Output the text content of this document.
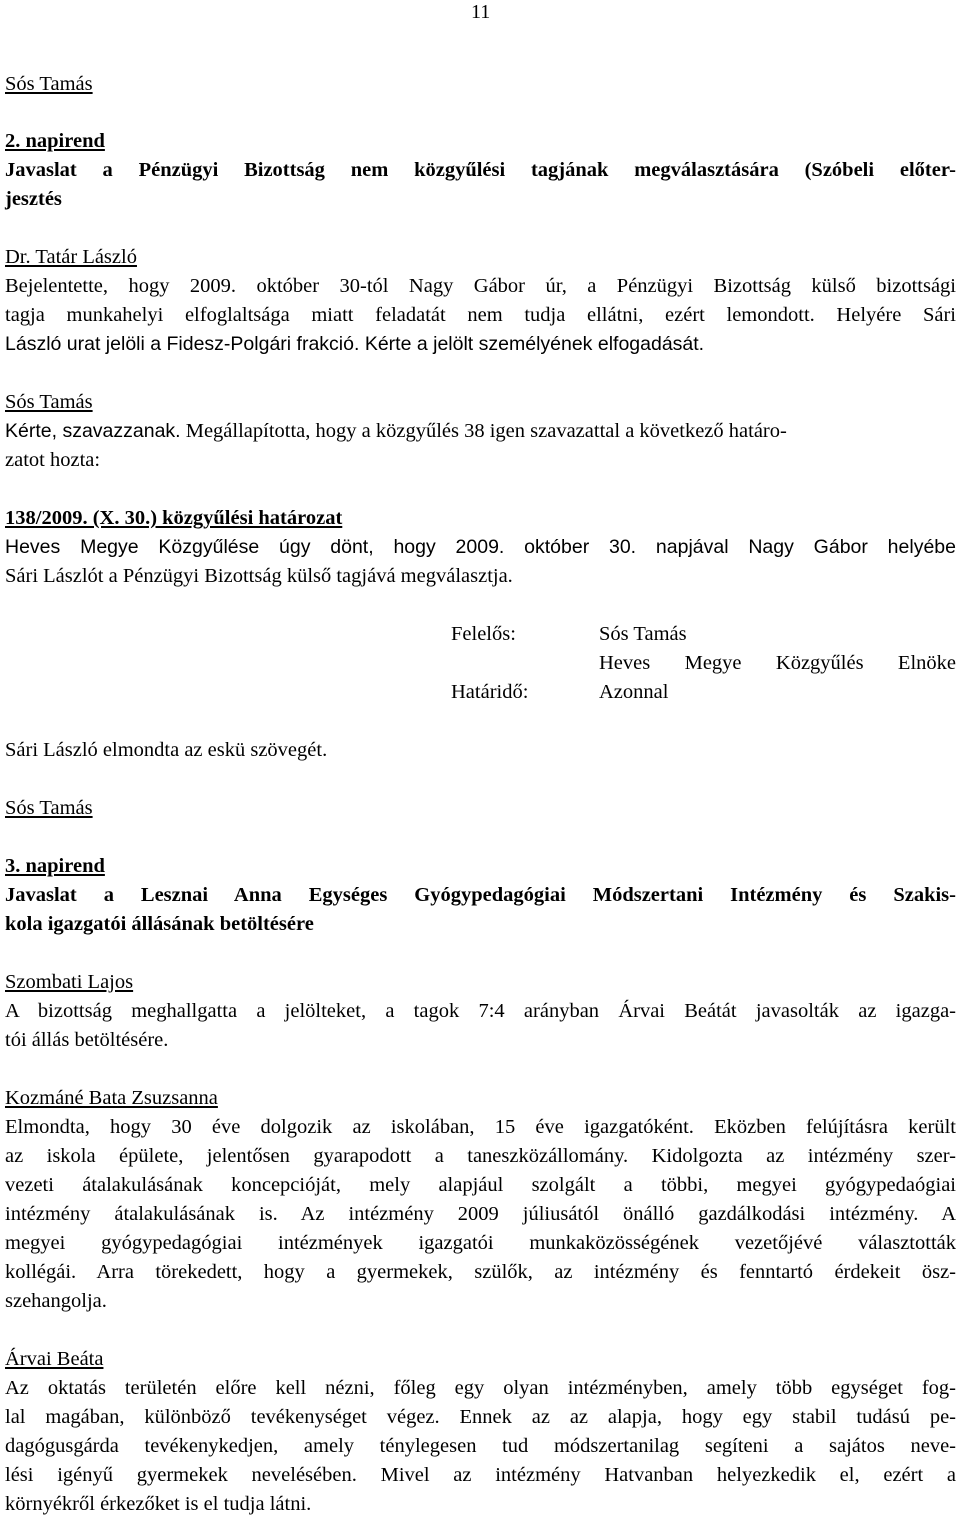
11
Sós Tamás
2. napirend
Javaslat a Pénzügyi Bizottság nem közgyűlési tagjának megválasztására (Szóbeli előter-
jesztés
Dr. Tatár László
Bejelentette, hogy 2009. október 30-tól Nagy Gábor úr, a Pénzügyi Bizottság külső bizottsági
tagja munkahelyi elfoglaltsága miatt feladatát nem tudja ellátni, ezért lemondott. Helyére Sári
László urat jelöli a Fidesz-Polgári frakció. Kérte a jelölt személyének elfogadását.
Sós Tamás
Kérte, szavazzanak. Megállapította, hogy a közgyűlés 38 igen szavazattal a következő határo-
zatot hozta:
138/2009. (X. 30.) közgyűlési határozat
Heves Megye Közgyűlése úgy dönt, hogy 2009. október 30. napjával Nagy Gábor helyébe
Sári Lászlót a Pénzügyi Bizottság külső tagjává megválasztja.
Felelős:	Sós Tamás
Heves Megye Közgyűlés Elnöke
Határidő:	Azonnal
Sári László elmondta az eskü szövegét.
Sós Tamás
3. napirend
Javaslat a Lesznai Anna Egységes Gyógypedagógiai Módszertani Intézmény és Szakis-
kola igazgatói állásának betöltésére
Szombati Lajos
A bizottság meghallgatta a jelölteket, a tagok 7:4 arányban Árvai Beátát javasolták az igazga-
tói állás betöltésére.
Kozmáné Bata Zsuzsanna
Elmondta, hogy 30 éve dolgozik az iskolában, 15 éve igazgatóként. Eközben felújításra került
az iskola épülete, jelentősen gyarapodott a taneszközállomány. Kidolgozta az intézmény szer-
vezeti átalakulásának koncepcióját, mely alapjául szolgált a többi, megyei gyógypedaógiai
intézmény átalakulásának is. Az intézmény 2009 júliusától önálló gazdálkodási intézmény. A
megyei gyógypedagógiai intézmények igazgatói munkaközösségének vezetőjévé választották
kollégái. Arra törekedett, hogy a gyermekek, szülők, az intézmény és fenntartó érdekeit ösz-
szehangolja.
Árvai Beáta
Az oktatás területén előre kell nézni, főleg egy olyan intézményben, amely több egységet fog-
lal magában, különböző tevékenységet végez. Ennek az az alapja, hogy egy stabil tudású pe-
dagógusgárda tevékenykedjen, amely ténylegesen tud módszertanilag segíteni a sajátos neve-
lési igényű gyermekek nevelésében. Mivel az intézmény Hatvanban helyezkedik el, ezért a
környékről érkezőket is el tudja látni.
